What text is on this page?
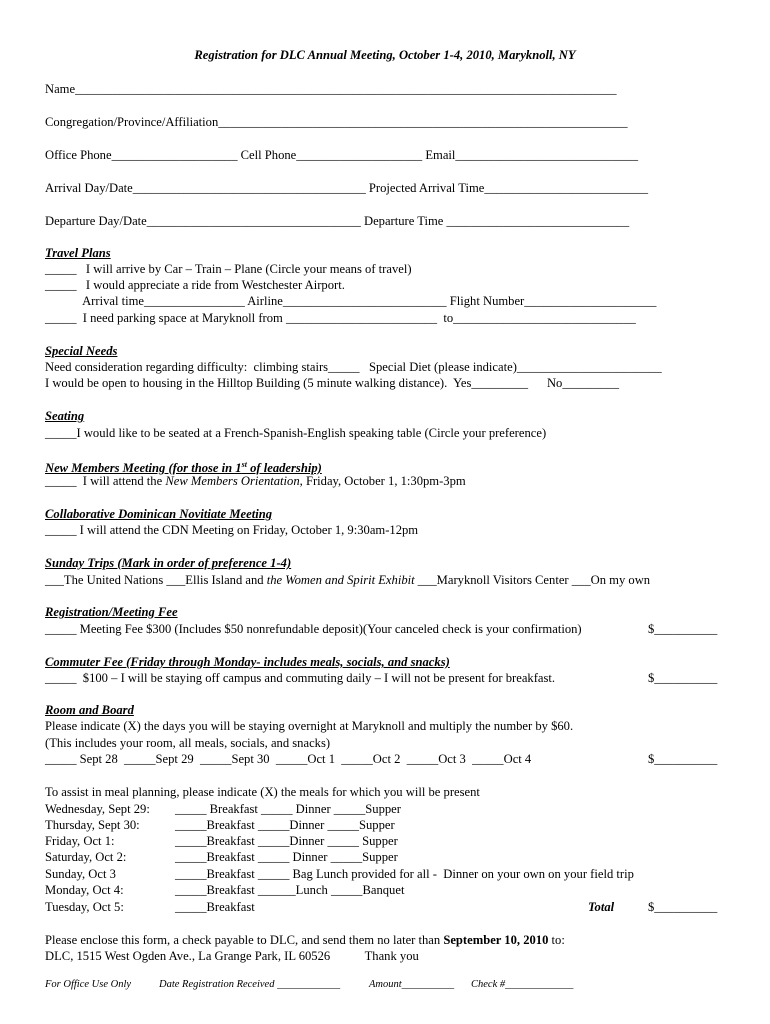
Registration for DLC Annual Meeting, October 1-4, 2010, Maryknoll, NY
Name______________________________________________________________________________________
Congregation/Province/Affiliation_________________________________________________________________
Office Phone____________________ Cell Phone____________________ Email_____________________________
Arrival Day/Date_____________________________________ Projected Arrival Time__________________________
Departure Day/Date__________________________________ Departure Time _____________________________
Travel Plans
_____   I will arrive by Car – Train – Plane (Circle your means of travel)
_____   I would appreciate a ride from Westchester Airport.
Arrival time________________ Airline__________________________ Flight Number_____________________
_____  I need parking space at Maryknoll from ________________________  to_____________________________
Special Needs
Need consideration regarding difficulty:  climbing stairs_____   Special Diet (please indicate)_______________________
I would be open to housing in the Hilltop Building (5 minute walking distance).  Yes_________      No_________
Seating
_____I would like to be seated at a French-Spanish-English speaking table (Circle your preference)
New Members Meeting (for those in 1st of leadership)
_____  I will attend the New Members Orientation, Friday, October 1, 1:30pm-3pm
Collaborative Dominican Novitiate Meeting
_____ I will attend the CDN Meeting on Friday, October 1, 9:30am-12pm
Sunday Trips (Mark in order of preference 1-4)
___The United Nations ___Ellis Island and the Women and Spirit Exhibit ___Maryknoll Visitors Center ___On my own
Registration/Meeting Fee
_____ Meeting Fee $300 (Includes $50 nonrefundable deposit)(Your canceled check is your confirmation)	$__________
Commuter Fee (Friday through Monday- includes meals, socials, and snacks)
_____  $100 – I will be staying off campus and commuting daily – I will not be present for breakfast.	$__________
Room and Board
Please indicate (X) the days you will be staying overnight at Maryknoll and multiply the number by $60.
(This includes your room, all meals, socials, and snacks)
_____ Sept 28  _____Sept 29  _____Sept 30  _____Oct 1  _____Oct 2  _____Oct 3  _____Oct 4	$__________
To assist in meal planning, please indicate (X) the meals for which you will be present
Wednesday, Sept 29: _____ Breakfast _____ Dinner _____Supper
Thursday, Sept 30:	_____Breakfast _____Dinner _____Supper
Friday, Oct 1:	_____Breakfast _____Dinner _____ Supper
Saturday, Oct 2:	_____Breakfast _____ Dinner _____Supper
Sunday, Oct 3	_____Breakfast _____ Bag Lunch provided for all -  Dinner on your own on your field trip
Monday, Oct 4:	_____Breakfast ______Lunch _____Banquet
Tuesday, Oct 5:	_____Breakfast	Total	$__________
Please enclose this form, a check payable to DLC, and send them no later than September 10, 2010 to:
DLC, 1515 West Ogden Ave., La Grange Park, IL 60526           Thank you
For Office Use Only	Date Registration Received ____________	Amount__________ Check #_____________
